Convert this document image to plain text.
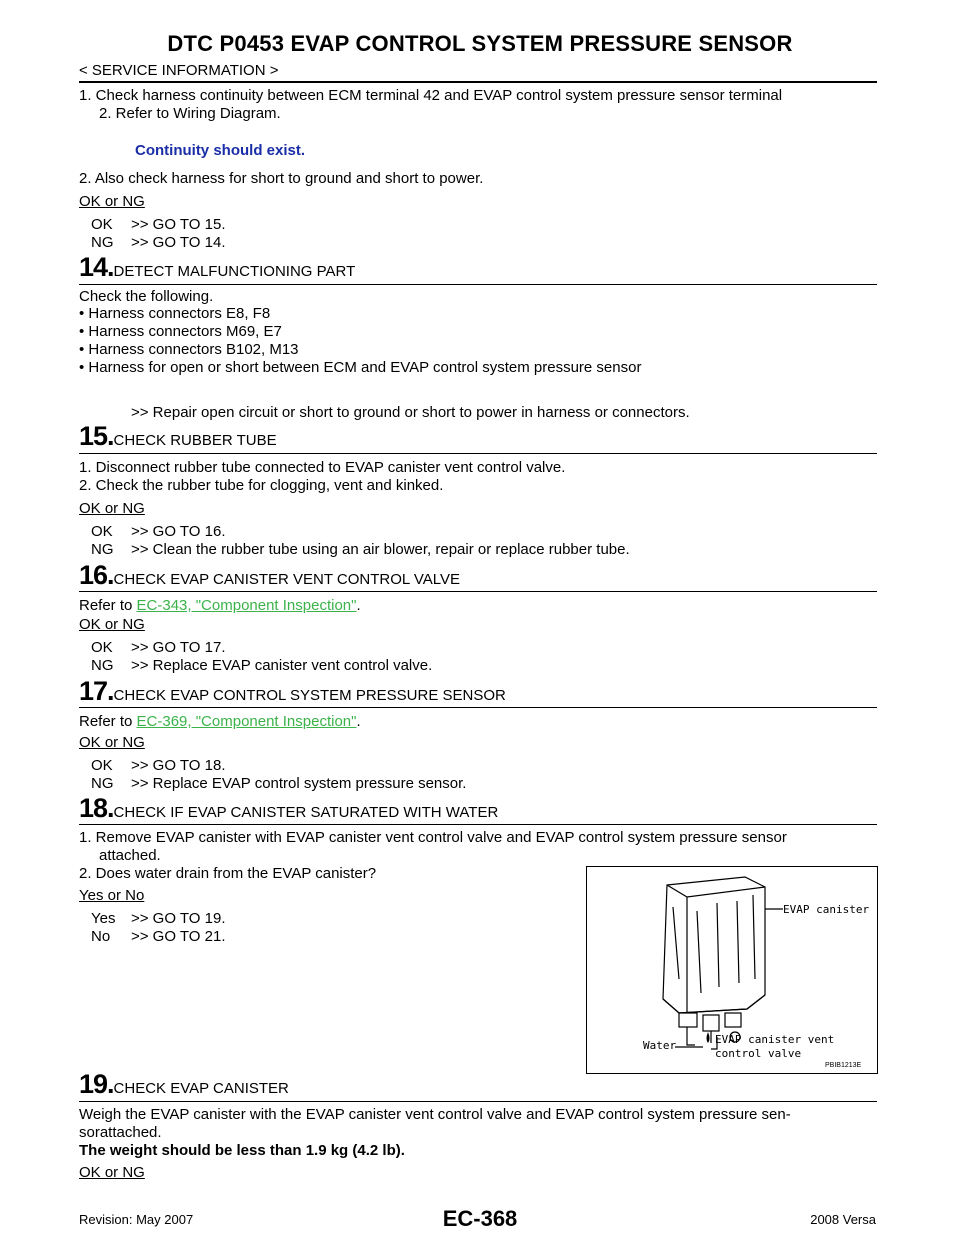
DTC P0453 EVAP CONTROL SYSTEM PRESSURE SENSOR
< SERVICE INFORMATION >
1. Check harness continuity between ECM terminal 42 and EVAP control system pressure sensor terminal
2. Refer to Wiring Diagram.
Continuity should exist.
2. Also check harness for short to ground and short to power.
OK or NG
OK >> GO TO 15.
NG >> GO TO 14.
14.DETECT MALFUNCTIONING PART
Check the following.
• Harness connectors E8, F8
• Harness connectors M69, E7
• Harness connectors B102, M13
• Harness for open or short between ECM and EVAP control system pressure sensor
>> Repair open circuit or short to ground or short to power in harness or connectors.
15.CHECK RUBBER TUBE
1. Disconnect rubber tube connected to EVAP canister vent control valve.
2. Check the rubber tube for clogging, vent and kinked.
OK or NG
OK >> GO TO 16.
NG >> Clean the rubber tube using an air blower, repair or replace rubber tube.
16.CHECK EVAP CANISTER VENT CONTROL VALVE
Refer to EC-343, "Component Inspection".
OK or NG
OK >> GO TO 17.
NG >> Replace EVAP canister vent control valve.
17.CHECK EVAP CONTROL SYSTEM PRESSURE SENSOR
Refer to EC-369, "Component Inspection".
OK or NG
OK >> GO TO 18.
NG >> Replace EVAP control system pressure sensor.
18.CHECK IF EVAP CANISTER SATURATED WITH WATER
1. Remove EVAP canister with EVAP canister vent control valve and EVAP control system pressure sensor
attached.
2. Does water drain from the EVAP canister?
Yes or No
Yes >> GO TO 19.
No >> GO TO 21.
EVAP canister
Water	EVAP canister vent
control valve
PBIB1213E
19.CHECK EVAP CANISTER
Weigh the EVAP canister with the EVAP canister vent control valve and EVAP control system pressure sen-
sorattached.
The weight should be less than 1.9 kg (4.2 lb).
OK or NG
EC-368
Revision: May 2007	2008 Versa
